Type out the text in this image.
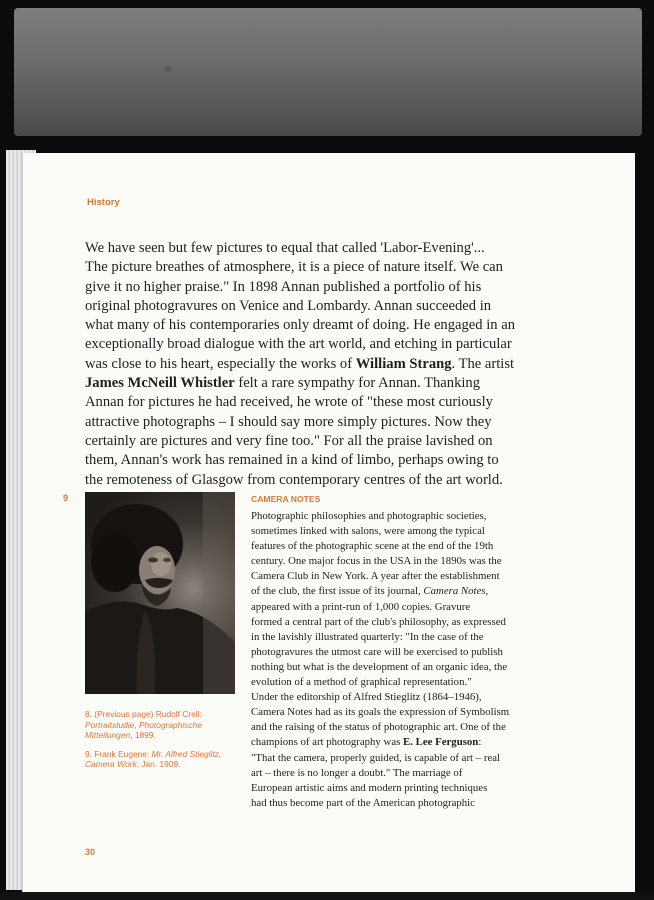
History

We have seen but few pictures to equal that called 'Labor-Evening'...
The picture breathes of atmosphere, it is a piece of nature itself. We can
give it no higher praise." In 1898 Annan published a portfolio of his
original photogravures on Venice and Lombardy. Annan succeeded in
what many of his contemporaries only dreamt of doing. He engaged in an
exceptionally broad dialogue with the art world, and etching in particular
was close to his heart, especially the works of William Strang. The artist
James McNeill Whistler felt a rare sympathy for Annan. Thanking
Annan for pictures he had received, he wrote of "these most curiously
attractive photographs – I should say more simply pictures. Now they
certainly are pictures and very fine too." For all the praise lavished on
them, Annan's work has remained in a kind of limbo, perhaps owing to
the remoteness of Glasgow from contemporary centres of the art world.

9

8. (Previous page) Rudolf Crell: Portraitstudie, Photographische Mitteilungen, 1899.

9. Frank Eugene: Mr. Alfred Stieglitz, Camera Work, Jan. 1909.

CAMERA NOTES

Photographic philosophies and photographic societies,
sometimes linked with salons, were among the typical
features of the photographic scene at the end of the 19th
century. One major focus in the USA in the 1890s was the
Camera Club in New York. A year after the establishment
of the club, the first issue of its journal, Camera Notes,
appeared with a print-run of 1,000 copies. Gravure
formed a central part of the club's philosophy, as expressed
in the lavishly illustrated quarterly: "In the case of the
photogravures the utmost care will be exercised to publish
nothing but what is the development of an organic idea, the
evolution of a method of graphical representation."
Under the editorship of Alfred Stieglitz (1864–1946),
Camera Notes had as its goals the expression of Symbolism
and the raising of the status of photographic art. One of the
champions of art photography was E. Lee Ferguson:
"That the camera, properly guided, is capable of art – real
art – there is no longer a doubt." The marriage of
European artistic aims and modern printing techniques
had thus become part of the American photographic

30
